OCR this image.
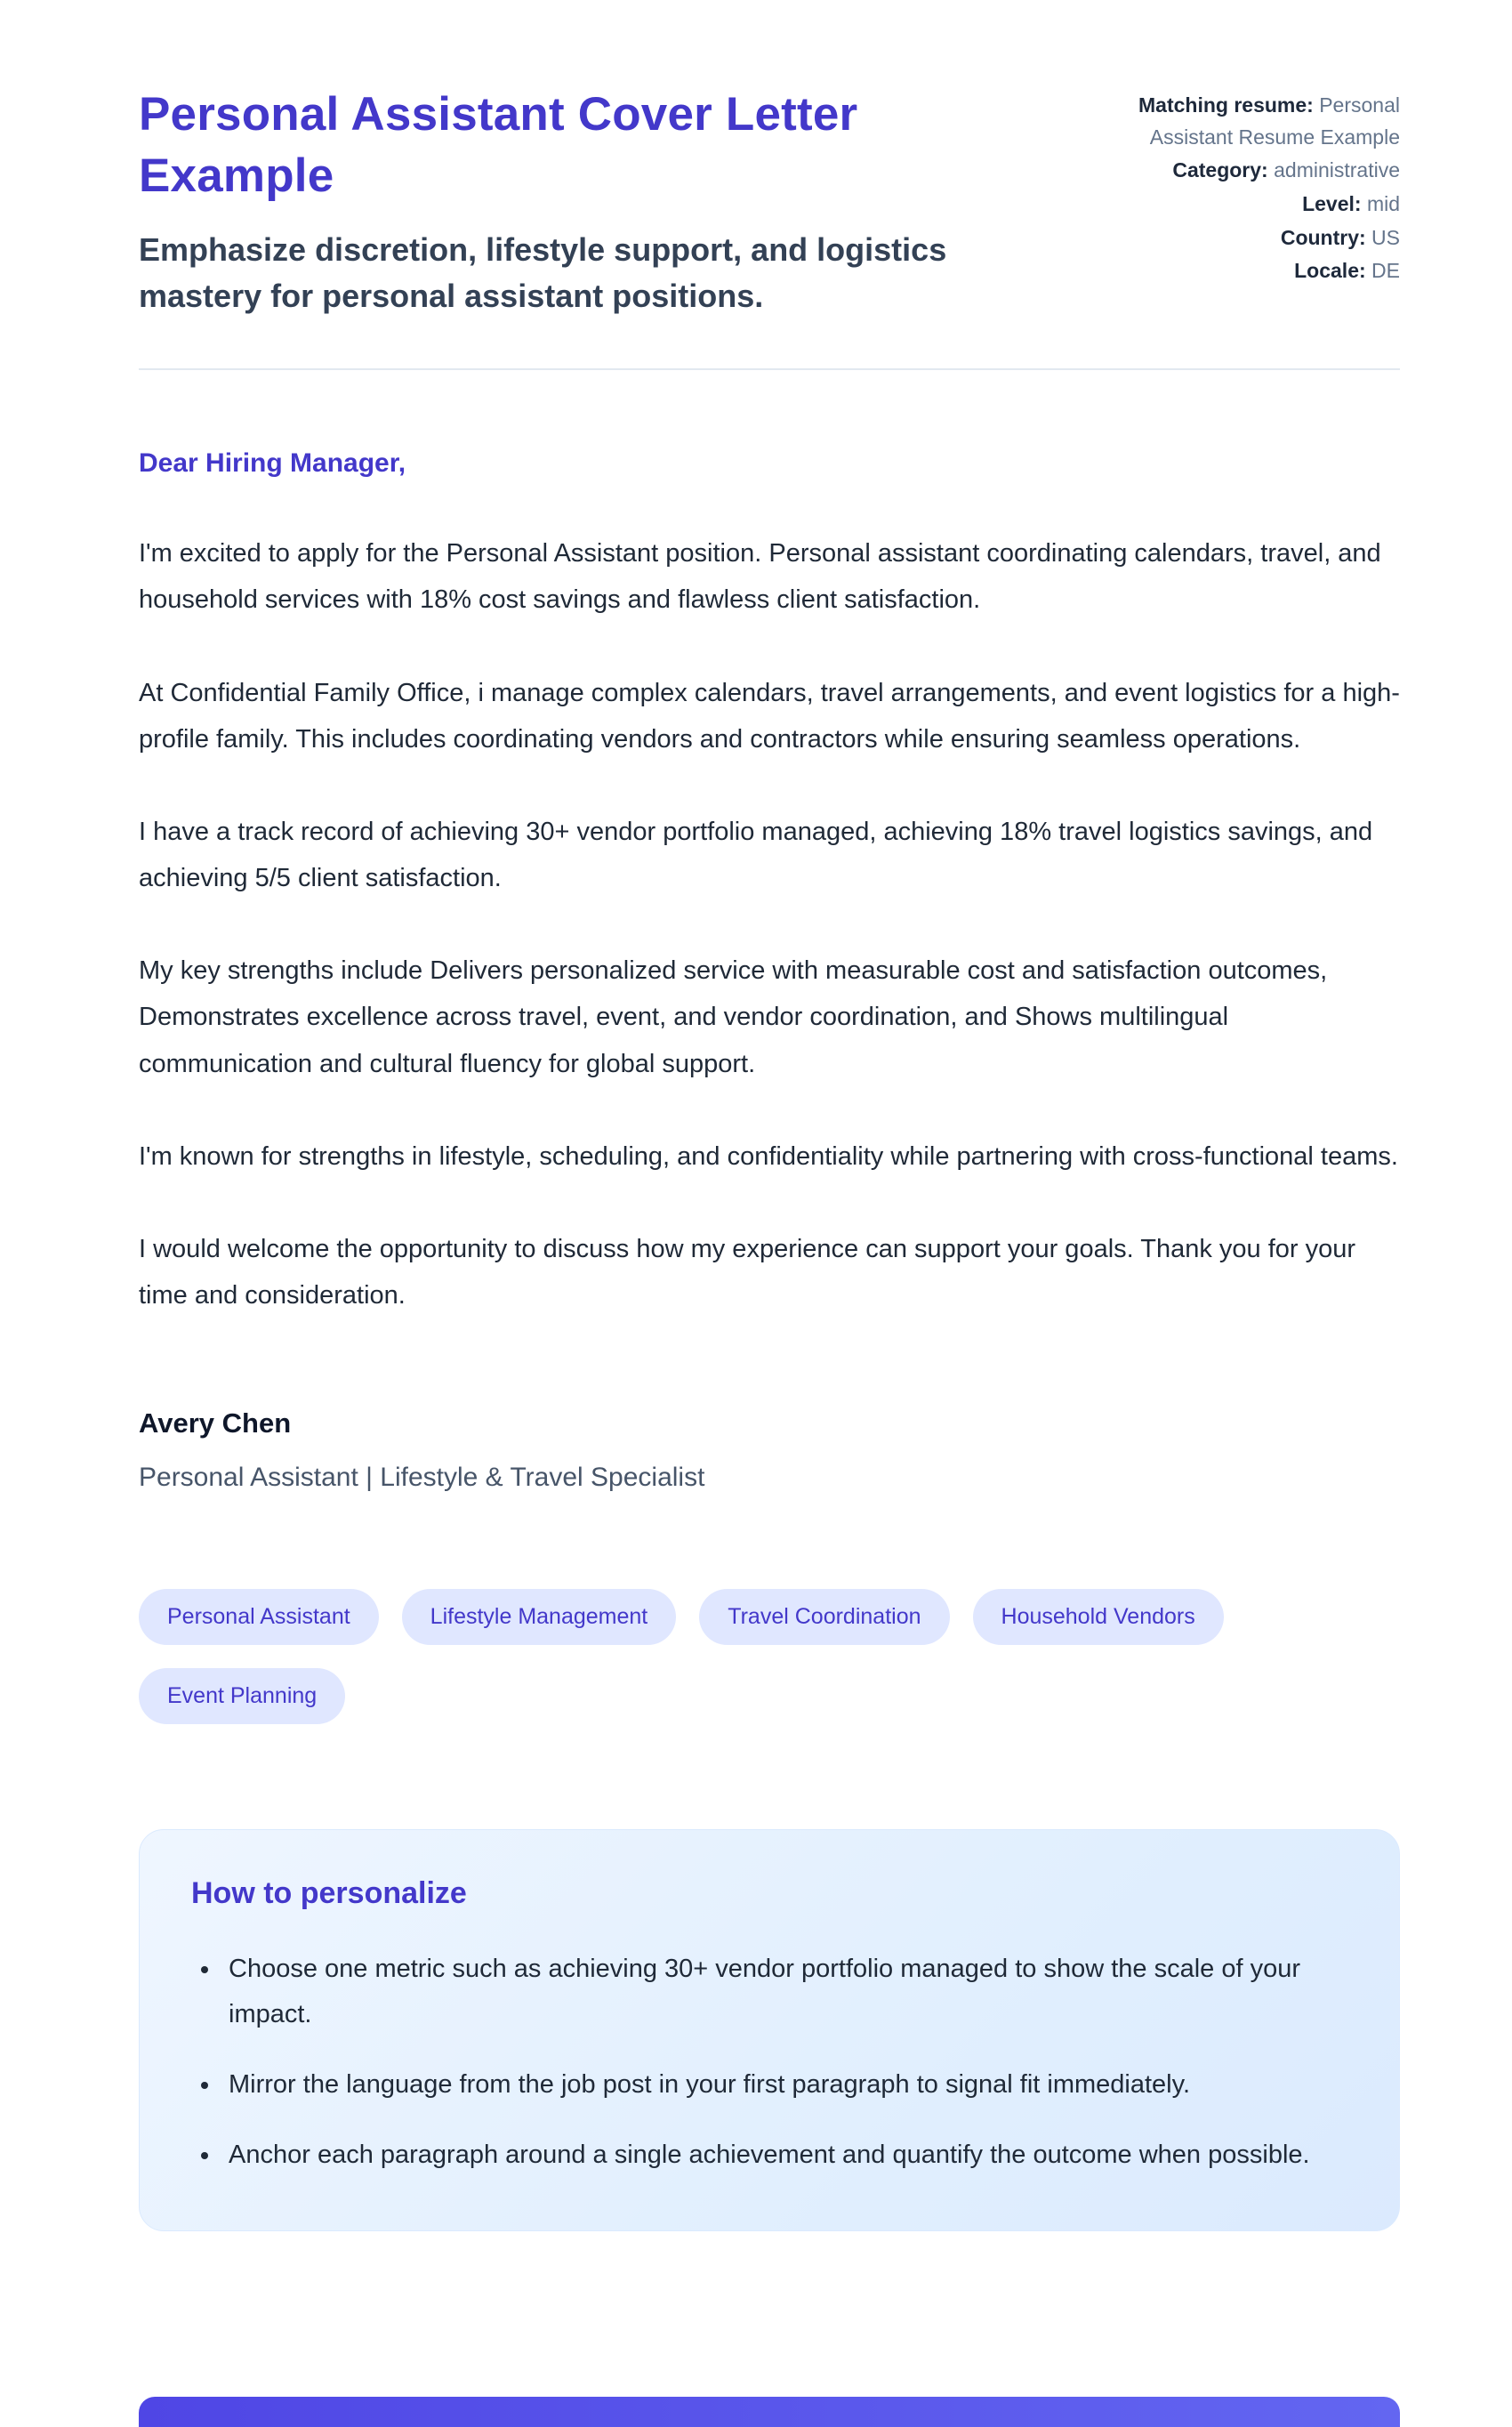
Personal Assistant Cover Letter Example
Emphasize discretion, lifestyle support, and logistics mastery for personal assistant positions.
Matching resume: Personal Assistant Resume Example
Category: administrative
Level: mid
Country: US
Locale: DE
Dear Hiring Manager,

I'm excited to apply for the Personal Assistant position. Personal assistant coordinating calendars, travel, and household services with 18% cost savings and flawless client satisfaction.

At Confidential Family Office, i manage complex calendars, travel arrangements, and event logistics for a high-profile family. This includes coordinating vendors and contractors while ensuring seamless operations.

I have a track record of achieving 30+ vendor portfolio managed, achieving 18% travel logistics savings, and achieving 5/5 client satisfaction.

My key strengths include Delivers personalized service with measurable cost and satisfaction outcomes, Demonstrates excellence across travel, event, and vendor coordination, and Shows multilingual communication and cultural fluency for global support.

I'm known for strengths in lifestyle, scheduling, and confidentiality while partnering with cross-functional teams.

I would welcome the opportunity to discuss how my experience can support your goals. Thank you for your time and consideration.

Avery Chen
Personal Assistant | Lifestyle & Travel Specialist
Personal Assistant	Lifestyle Management	Travel Coordination	Household Vendors
Event Planning
How to personalize
• Choose one metric such as achieving 30+ vendor portfolio managed to show the scale of your impact.
• Mirror the language from the job post in your first paragraph to signal fit immediately.
• Anchor each paragraph around a single achievement and quantify the outcome when possible.
